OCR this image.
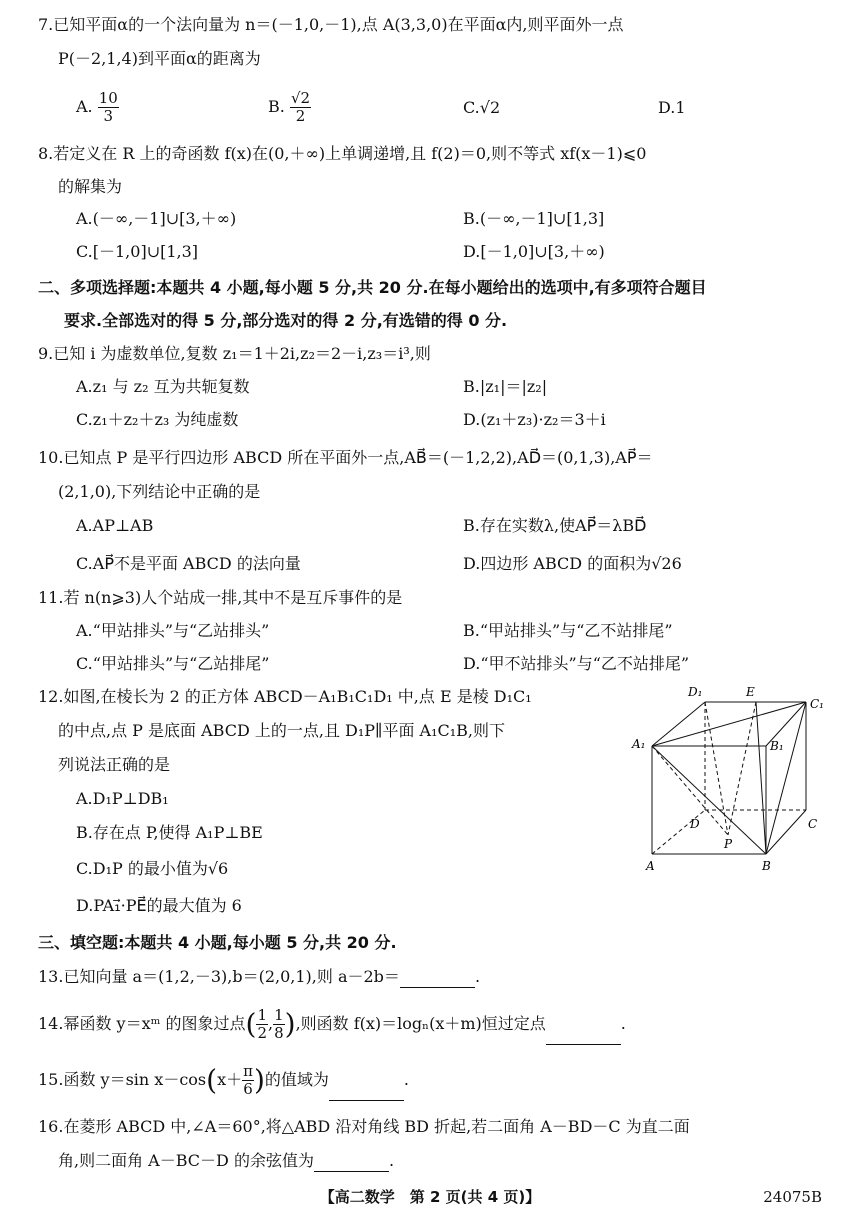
7.已知平面α的一个法向量为 n＝(－1,0,－1),点 A(3,3,0)在平面α内,则平面外一点
P(－2,1,4)到平面α的距离为
A. $\frac{10}{3}$	B. $\frac{√2}{2}$	C.√2	D.1
8.若定义在 R 上的奇函数 f(x)在(0,＋∞)上单调递增,且 f(2)＝0,则不等式 xf(x－1)⩽0
的解集为
A.(－∞,－1]∪[3,＋∞)	B.(－∞,－1]∪[1,3]
C.[－1,0]∪[1,3]	D.[－1,0]∪[3,＋∞)
二、多项选择题:本题共 4 小题,每小题 5 分,共 20 分.在每小题给出的选项中,有多项符合题目
要求.全部选对的得 5 分,部分选对的得 2 分,有选错的得 0 分.
9.已知 i 为虚数单位,复数 z₁＝1＋2i,z₂＝2－i,z₃＝i³,则
A.z₁ 与 z₂ 互为共轭复数	B.|z₁|＝|z₂|
C.z₁＋z₂＋z₃ 为纯虚数	D.(z₁＋z₃)·z₂＝3＋i
10.已知点 P 是平行四边形 ABCD 所在平面外一点,AB⃗＝(－1,2,2),AD⃗＝(0,1,3),AP⃗＝
(2,1,0),下列结论中正确的是
A.AP⊥AB	B.存在实数λ,使AP⃗＝λBD⃗
C.AP⃗不是平面 ABCD 的法向量	D.四边形 ABCD 的面积为√26
11.若 n(n⩾3)人个站成一排,其中不是互斥事件的是
A.“甲站排头”与“乙站排头”	B.“甲站排头”与“乙不站排尾”
C.“甲站排头”与“乙站排尾”	D.“甲不站排头”与“乙不站排尾”
12.如图,在棱长为 2 的正方体 ABCD－A₁B₁C₁D₁ 中,点 E 是棱 D₁C₁
的中点,点 P 是底面 ABCD 上的一点,且 D₁P∥平面 A₁C₁B,则下
列说法正确的是
A.D₁P⊥DB₁
B.存在点 P,使得 A₁P⊥BE
C.D₁P 的最小值为√6
D.PA₁⃗·PE⃗的最大值为 6
D₁	E
C₁
A₁	B₁
D	C
P
A	B
三、填空题:本题共 4 小题,每小题 5 分,共 20 分.
13.已知向量 a＝(1,2,－3),b＝(2,0,1),则 a－2b＝	.
14.幂函数 y＝xᵐ 的图象过点( $\frac{1}{2}$ , $\frac{1}{8}$ ),则函数 f(x)＝logₙ(x＋m)恒过定点	.
15.函数 y＝sin $x-\cos(x+ \frac{\pi}{6}$ )的值域为	.
16.在菱形 ABCD 中,∠A＝60°,将△ABD 沿对角线 BD 折起,若二面角 A－BD－C 为直二面
角,则二面角 A－BC－D 的余弦值为	.
【高二数学　第 2 页(共 4 页)】	24075B
